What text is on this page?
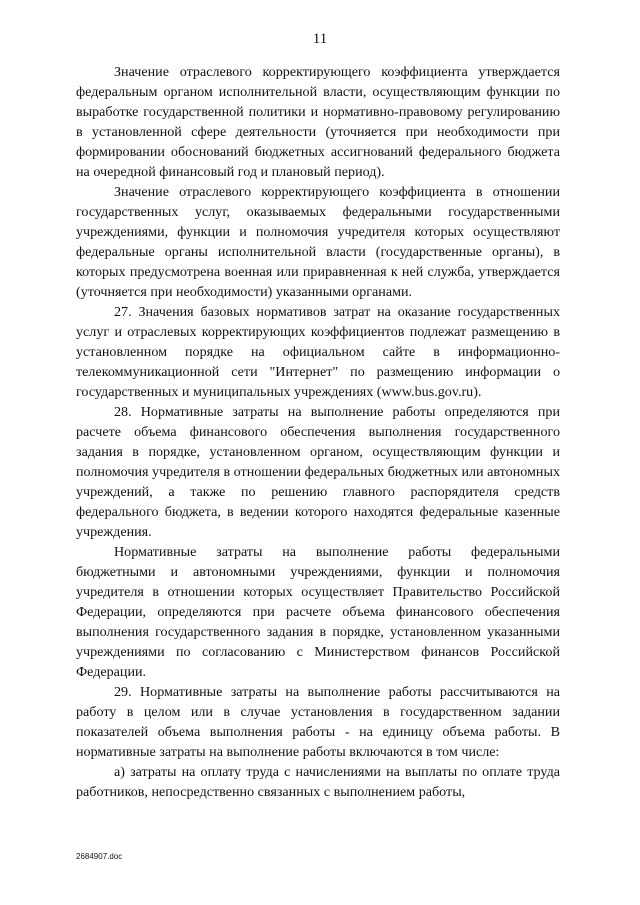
11

Значение отраслевого корректирующего коэффициента утверждается федеральным органом исполнительной власти, осуществляющим функции по выработке государственной политики и нормативно-правовому регулированию в установленной сфере деятельности (уточняется при необходимости при формировании обоснований бюджетных ассигнований федерального бюджета на очередной финансовый год и плановый период).

Значение отраслевого корректирующего коэффициента в отношении государственных услуг, оказываемых федеральными государственными учреждениями, функции и полномочия учредителя которых осуществляют федеральные органы исполнительной власти (государственные органы), в которых предусмотрена военная или приравненная к ней служба, утверждается (уточняется при необходимости) указанными органами.

27. Значения базовых нормативов затрат на оказание государственных услуг и отраслевых корректирующих коэффициентов подлежат размещению в установленном порядке на официальном сайте в информационно-телекоммуникационной сети "Интернет" по размещению информации о государственных и муниципальных учреждениях (www.bus.gov.ru).

28. Нормативные затраты на выполнение работы определяются при расчете объема финансового обеспечения выполнения государственного задания в порядке, установленном органом, осуществляющим функции и полномочия учредителя в отношении федеральных бюджетных или автономных учреждений, а также по решению главного распорядителя средств федерального бюджета, в ведении которого находятся федеральные казенные учреждения.

Нормативные затраты на выполнение работы федеральными бюджетными и автономными учреждениями, функции и полномочия учредителя в отношении которых осуществляет Правительство Российской Федерации, определяются при расчете объема финансового обеспечения выполнения государственного задания в порядке, установленном указанными учреждениями по согласованию с Министерством финансов Российской Федерации.

29. Нормативные затраты на выполнение работы рассчитываются на работу в целом или в случае установления в государственном задании показателей объема выполнения работы - на единицу объема работы. В нормативные затраты на выполнение работы включаются в том числе:

а) затраты на оплату труда с начислениями на выплаты по оплате труда работников, непосредственно связанных с выполнением работы,

2684907.doc
